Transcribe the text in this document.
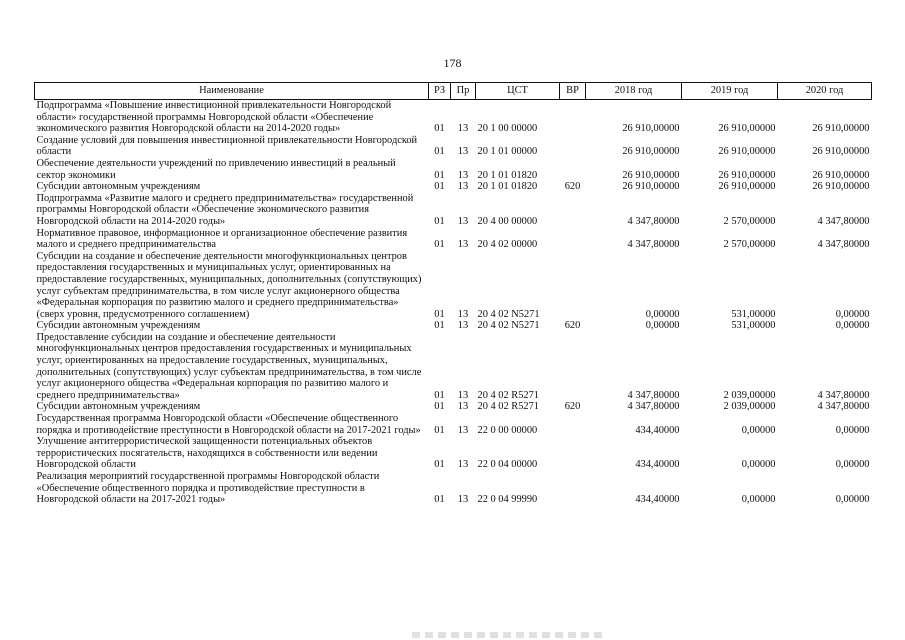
178
Наименование	РЗ	Пр	ЦСТ	ВР	2018 год	2019 год	2020 год
Подпрограмма «Повышение инвестиционной привлекательности Новгородской области» государственной программы Новгородской области «Обеспечение экономического развития Новгородской области на 2014-2020 годы»	01	13	20 1 00 00000		26 910,00000	26 910,00000	26 910,00000
Создание условий для повышения инвестиционной привлекательности Новгородской области	01	13	20 1 01 00000		26 910,00000	26 910,00000	26 910,00000
Обеспечение деятельности учреждений по привлечению инвестиций в реальный сектор экономики	01	13	20 1 01 01820		26 910,00000	26 910,00000	26 910,00000
Субсидии автономным учреждениям	01	13	20 1 01 01820	620	26 910,00000	26 910,00000	26 910,00000
Подпрограмма «Развитие малого и среднего предпринимательства» государственной программы Новгородской области «Обеспечение экономического развития Новгородской области на 2014-2020 годы»	01	13	20 4 00 00000		4 347,80000	2 570,00000	4 347,80000
Нормативное правовое, информационное и организационное обеспечение развития малого и среднего предпринимательства	01	13	20 4 02 00000		4 347,80000	2 570,00000	4 347,80000
Субсидии на создание и обеспечение деятельности многофункциональных центров предоставления государственных и муниципальных услуг, ориентированных на предоставление государственных, муниципальных, дополнительных (сопутствующих) услуг субъектам предпринимательства, в том числе услуг акционерного общества «Федеральная корпорация по развитию малого и среднего предпринимательства» (сверх уровня, предусмотренного соглашением)	01	13	20 4 02 N5271		0,00000	531,00000	0,00000
Субсидии автономным учреждениям	01	13	20 4 02 N5271	620	0,00000	531,00000	0,00000
Предоставление субсидии на создание и обеспечение деятельности многофункциональных центров предоставления государственных и муниципальных услуг, ориентированных на предоставление государственных, муниципальных, дополнительных (сопутствующих) услуг субъектам предпринимательства, в том числе услуг акционерного общества «Федеральная корпорация по развитию малого и среднего предпринимательства»	01	13	20 4 02 R5271		4 347,80000	2 039,00000	4 347,80000
Субсидии автономным учреждениям	01	13	20 4 02 R5271	620	4 347,80000	2 039,00000	4 347,80000
Государственная программа Новгородской области «Обеспечение общественного порядка и противодействие преступности в Новгородской области на 2017-2021 годы»	01	13	22 0 00 00000		434,40000	0,00000	0,00000
Улучшение антитеррористической защищенности потенциальных объектов террористических посягательств, находящихся в собственности или ведении Новгородской области	01	13	22 0 04 00000		434,40000	0,00000	0,00000
Реализация мероприятий государственной программы Новгородской области «Обеспечение общественного порядка и противодействие преступности в Новгородской области на 2017-2021 годы»	01	13	22 0 04 99990		434,40000	0,00000	0,00000
